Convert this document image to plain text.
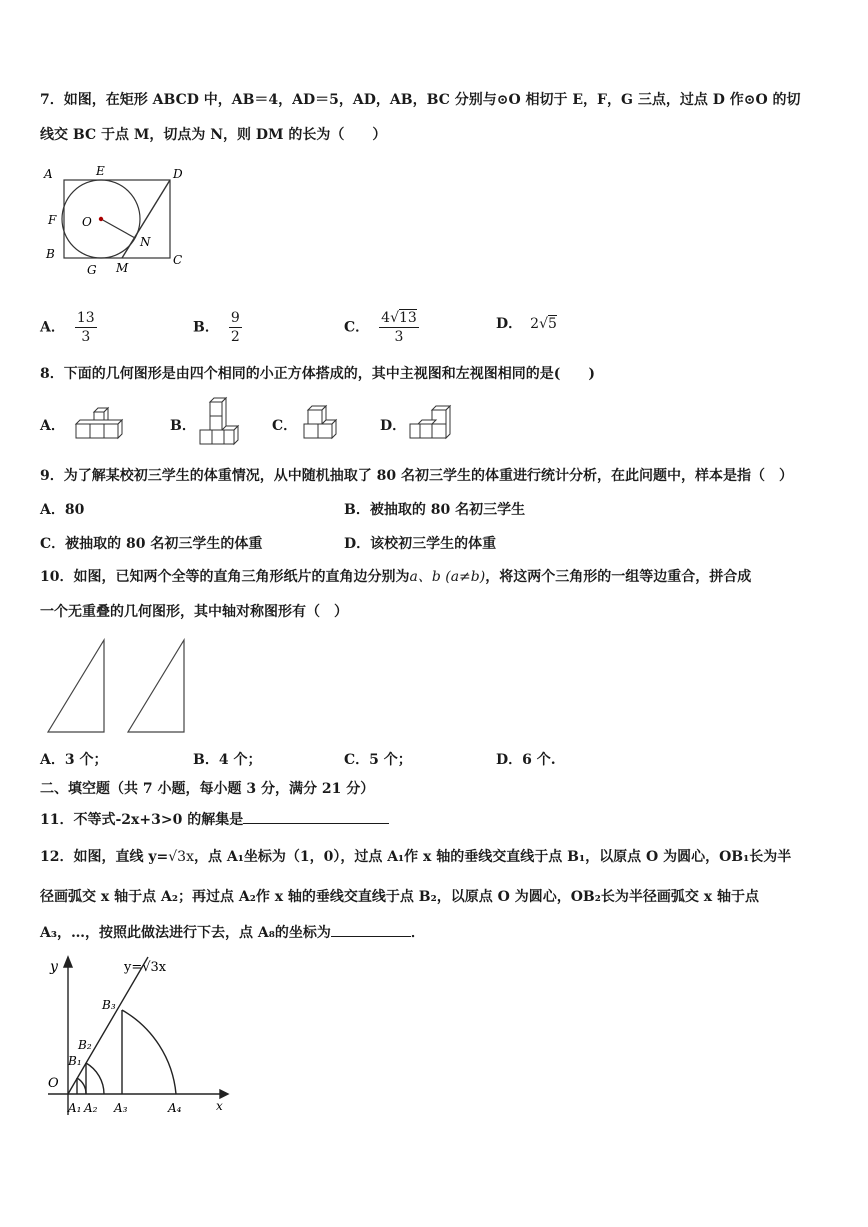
7．如图，在矩形 ABCD 中，AB＝4，AD＝5，AD，AB，BC 分别与⊙O 相切于 E，F，G 三点，过点 D 作⊙O 的切
线交 BC 于点 M，切点为 N，则 DM 的长为（　　）
A	E	D
F O
N
B
G M
C
A． $\frac{13}{3}$	B． $\frac{9}{2}$	C． $\frac{4√13}{3}$	D． 2√5
8．下面的几何图形是由四个相同的小正方体搭成的，其中主视图和左视图相同的是(　　)
A．	B．	C．	D．
9．为了解某校初三学生的体重情况，从中随机抽取了 80 名初三学生的体重进行统计分析，在此问题中，样本是指（　）
A．80	B．被抽取的 80 名初三学生
C．被抽取的 80 名初三学生的体重	D．该校初三学生的体重
10．如图，已知两个全等的直角三角形纸片的直角边分别为a、b (a≠b)，将这两个三角形的一组等边重合，拼合成
一个无重叠的几何图形，其中轴对称图形有（　）
A．3 个；	B．4 个；	C．5 个；	D．6 个.
二、填空题（共 7 小题，每小题 3 分，满分 21 分）
11．不等式-2x+3>0 的解集是
12．如图，直线 y=√3x，点 A₁坐标为（1，0），过点 A₁作 x 轴的垂线交直线于点 B₁，以原点 O 为圆心，OB₁长为半
径画弧交 x 轴于点 A₂；再过点 A₂作 x 轴的垂线交直线于点 B₂，以原点 O 为圆心，OB₂长为半径画弧交 x 轴于点
A₃，…，按照此做法进行下去，点 A₈的坐标为	．
y	y=√3x
O
x
B₁
B₂
B₃
A₁ A₂ A₃	A₄
